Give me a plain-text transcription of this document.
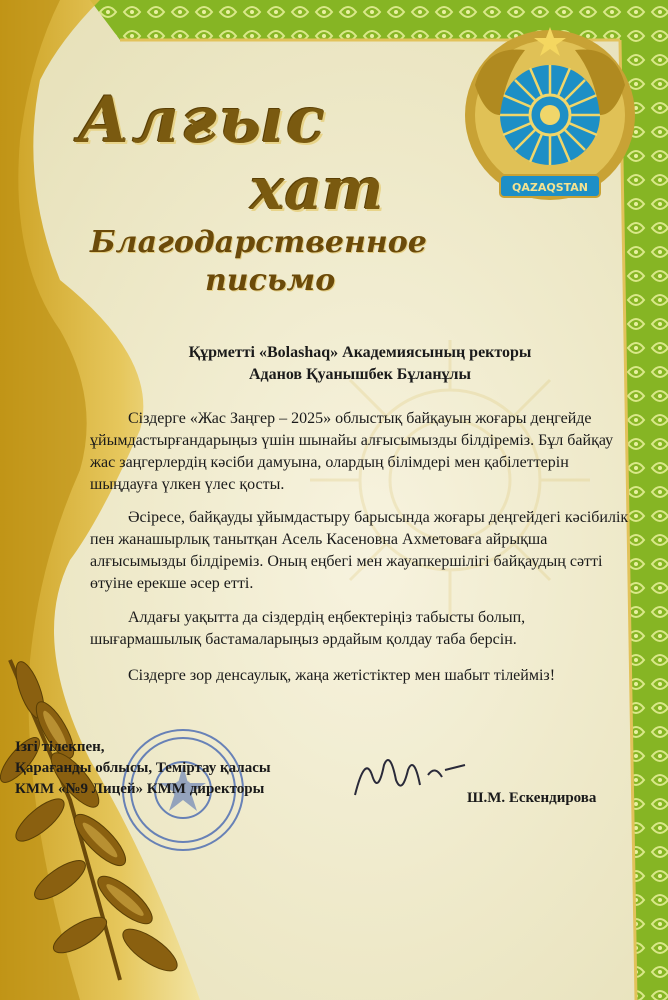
Алғыс
хат
Благодарственное
письмо
QAZAQSTAN
Құрметті «Bolashaq» Академиясының ректоры
Аданов Қуанышбек Бұланұлы
Сіздерге «Жас Заңгер – 2025» облыстық байқауын жоғары деңгейде ұйымдастырғандарыңыз үшін шынайы алғысымызды білдіреміз. Бұл байқау жас заңгерлердің кәсіби дамуына, олардың білімдері мен қабілеттерін шыңдауға үлкен үлес қосты.
Әсіресе, байқауды ұйымдастыру барысында жоғары деңгейдегі кәсібилік пен жанашырлық танытқан Асель Касеновна Ахметоваға айрықша алғысымызды білдіреміз. Оның еңбегі мен жауапкершілігі байқаудың сәтті өтуіне ерекше әсер етті.
Алдағы уақытта да сіздердің еңбектеріңіз табысты болып, шығармашылық бастамаларыңыз әрдайым қолдау таба берсін.
Сіздерге зор денсаулық, жаңа жетістіктер мен шабыт тілейміз!
Ізгі тілекпен,
Қарағанды облысы, Теміртау қаласы
КММ «№9 Лицей» КММ директоры
Ш.М. Ескендирова
